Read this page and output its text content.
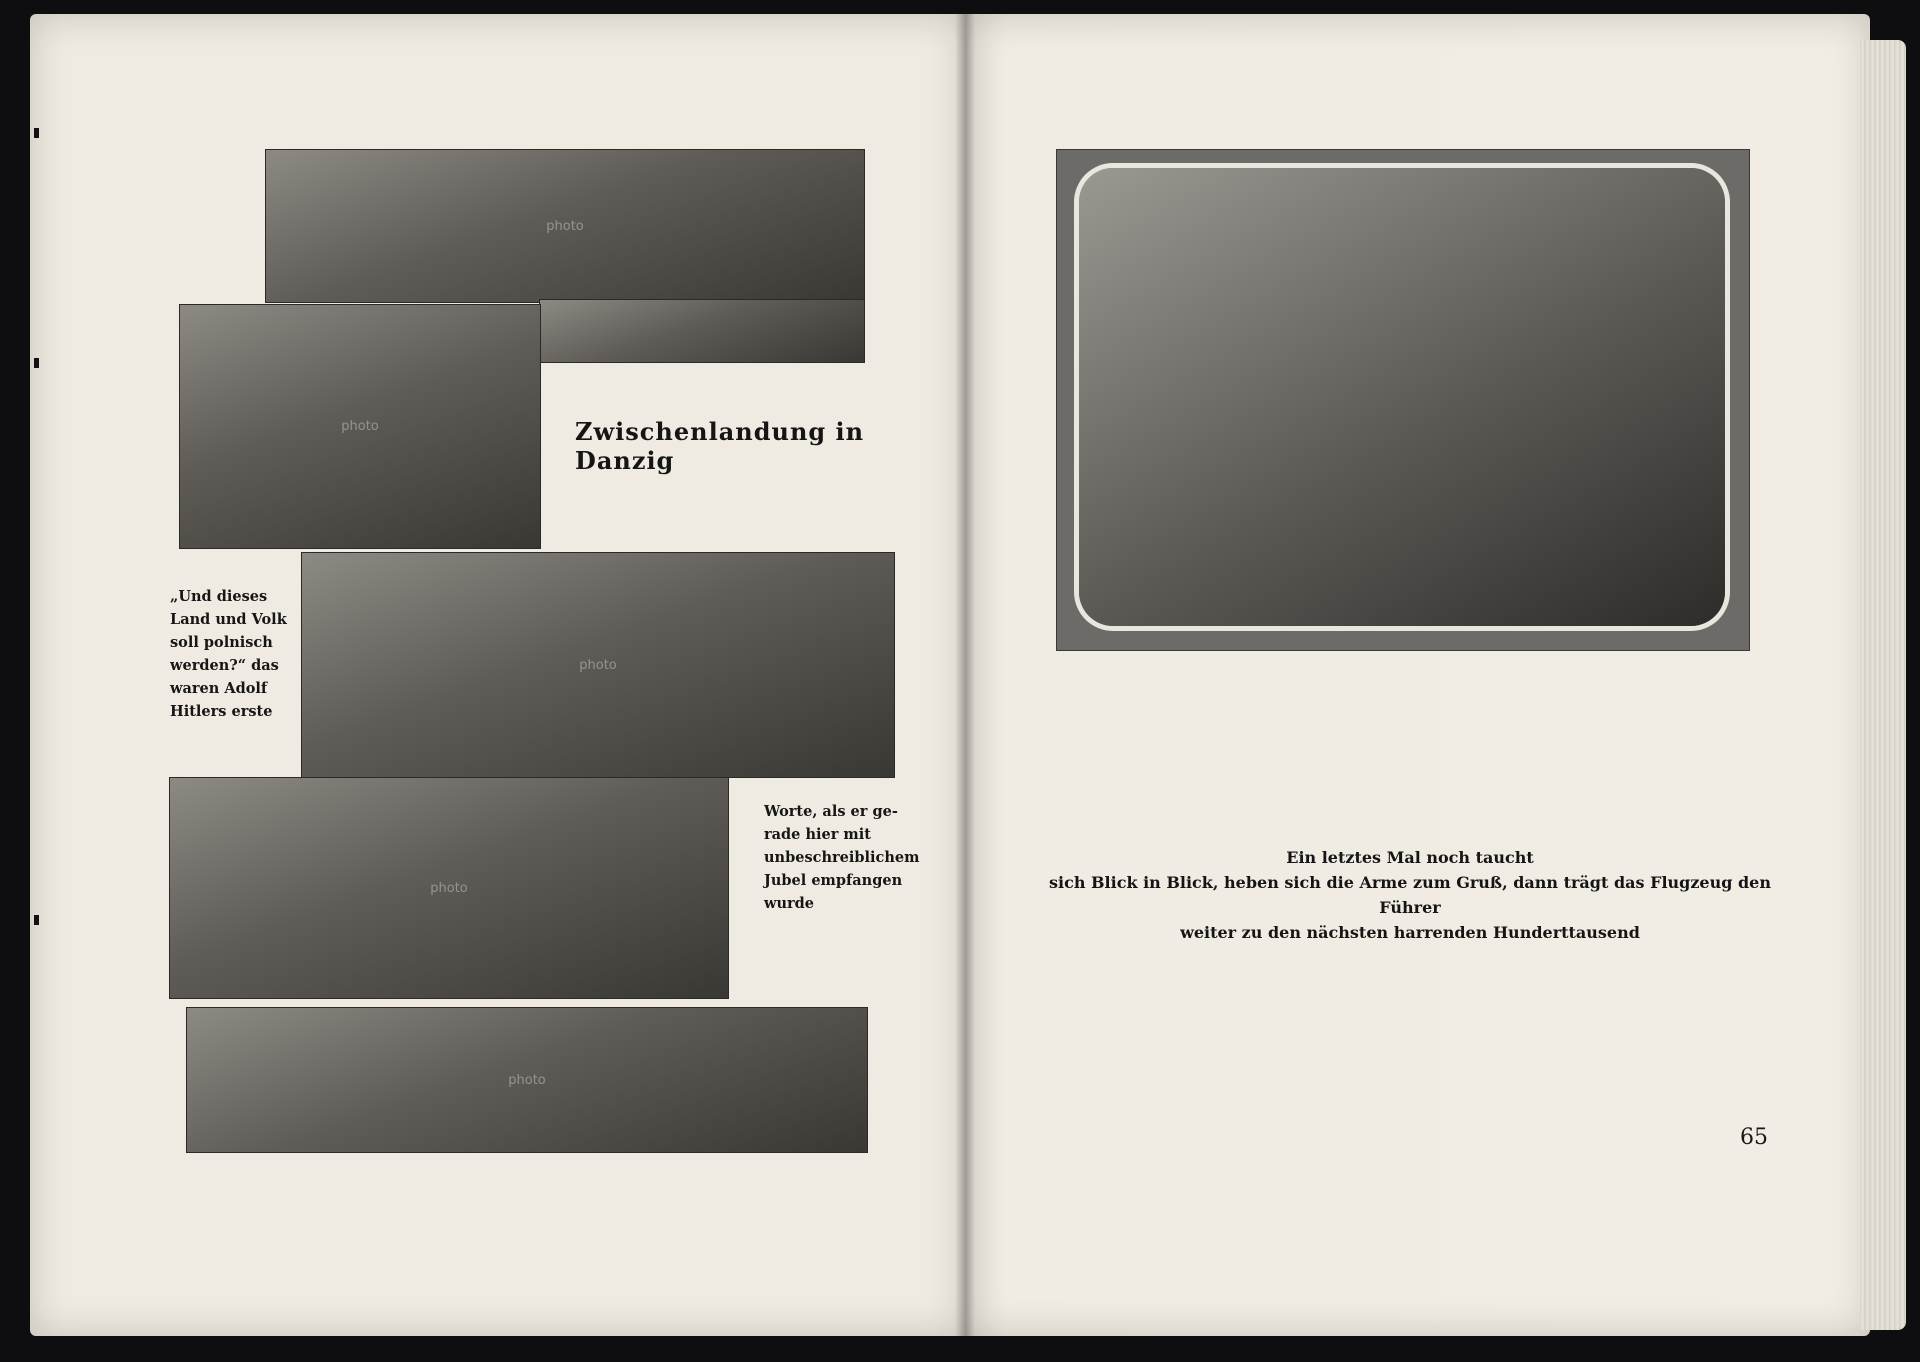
photo
photo
photo
photo
photo
Zwischenlandung in Danzig
„Und dieses
Land und Volk
soll polnisch
werden?“ das
waren Adolf
Hitlers erste
Worte, als er ge-
rade hier mit
unbeschreiblichem
Jubel empfangen
wurde
Ein letztes Mal noch taucht
sich Blick in Blick, heben sich die Arme zum Gruß, dann trägt das Flugzeug den Führer
weiter zu den nächsten harrenden Hunderttausend
65
